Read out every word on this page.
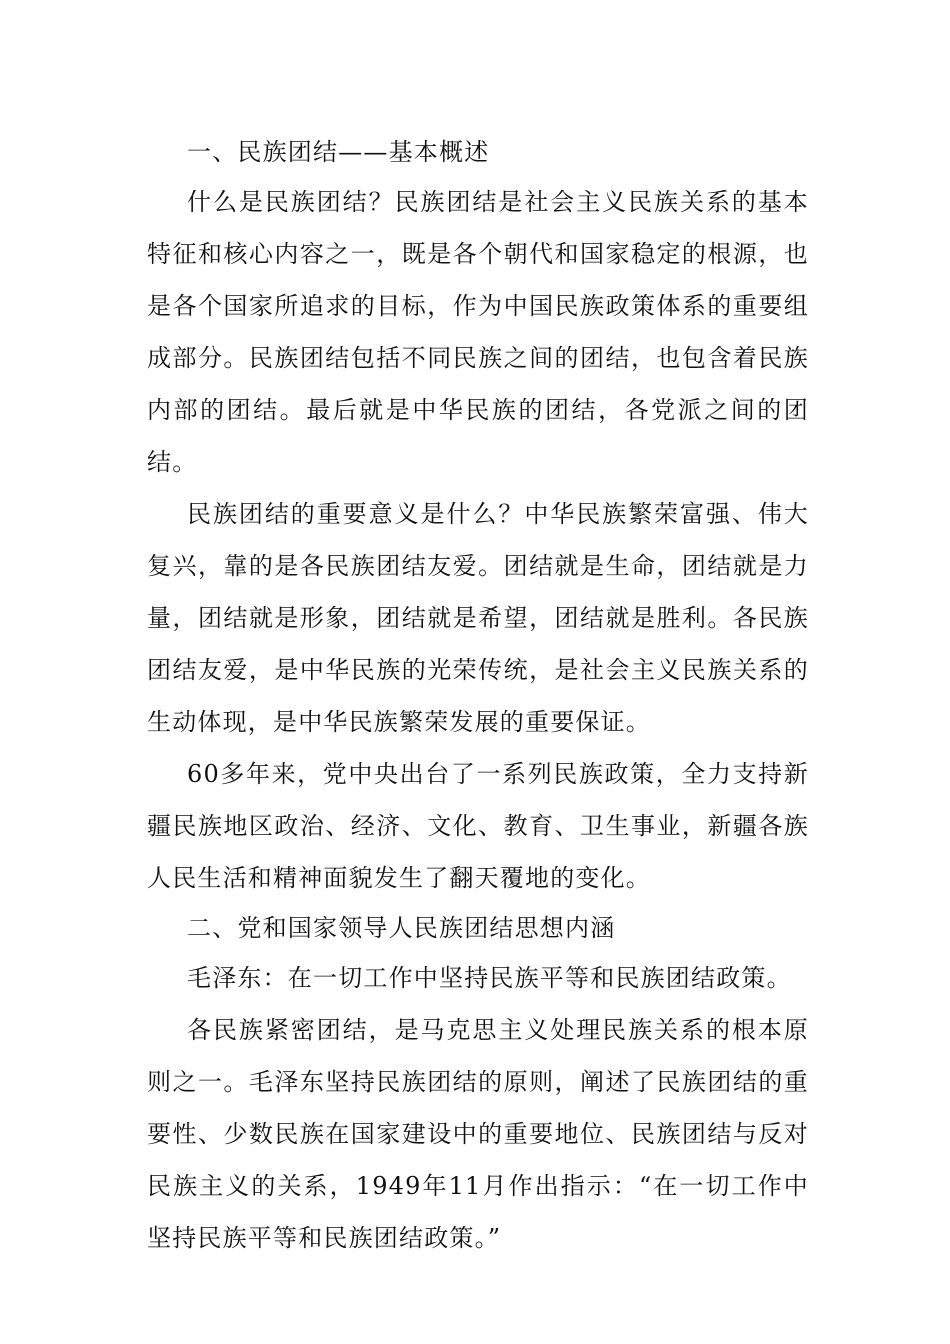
一、民族团结——基本概述

什么是民族团结？民族团结是社会主义民族关系的基本特征和核心内容之一，既是各个朝代和国家稳定的根源，也是各个国家所追求的目标，作为中国民族政策体系的重要组成部分。民族团结包括不同民族之间的团结，也包含着民族内部的团结。最后就是中华民族的团结，各党派之间的团结。

民族团结的重要意义是什么？中华民族繁荣富强、伟大复兴，靠的是各民族团结友爱。团结就是生命，团结就是力量，团结就是形象，团结就是希望，团结就是胜利。各民族团结友爱，是中华民族的光荣传统，是社会主义民族关系的生动体现，是中华民族繁荣发展的重要保证。

60多年来，党中央出台了一系列民族政策，全力支持新疆民族地区政治、经济、文化、教育、卫生事业，新疆各族人民生活和精神面貌发生了翻天覆地的变化。

二、党和国家领导人民族团结思想内涵

毛泽东：在一切工作中坚持民族平等和民族团结政策。

各民族紧密团结，是马克思主义处理民族关系的根本原则之一。毛泽东坚持民族团结的原则，阐述了民族团结的重要性、少数民族在国家建设中的重要地位、民族团结与反对民族主义的关系，1949年11月作出指示：“在一切工作中坚持民族平等和民族团结政策。”
